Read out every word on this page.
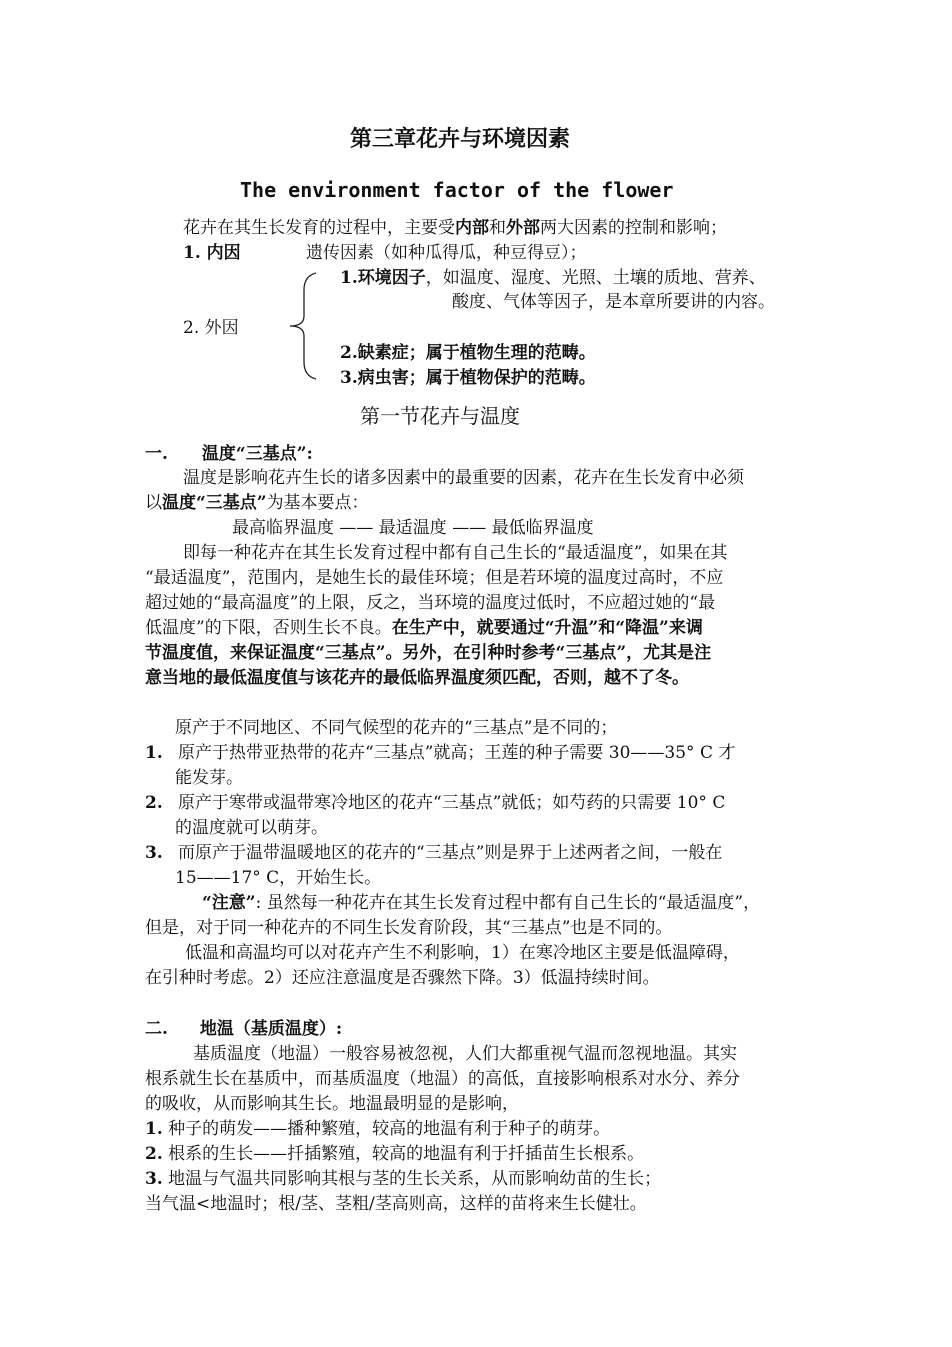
第三章花卉与环境因素
The environment factor of the flower
花卉在其生长发育的过程中，主要受内部和外部两大因素的控制和影响；
1. 内因	遗传因素（如种瓜得瓜，种豆得豆）；
1.环境因子，如温度、湿度、光照、土壤的质地、营养、
酸度、气体等因子，是本章所要讲的内容。
2. 外因
2.缺素症；属于植物生理的范畴。
3.病虫害；属于植物保护的范畴。
第一节花卉与温度
一. 温度“三基点”:
温度是影响花卉生长的诸多因素中的最重要的因素，花卉在生长发育中必须
以温度“三基点”为基本要点：
最高临界温度 —— 最适温度 —— 最低临界温度
即每一种花卉在其生长发育过程中都有自己生长的“最适温度”，如果在其
“最适温度”，范围内，是她生长的最佳环境；但是若环境的温度过高时，不应
超过她的“最高温度”的上限，反之，当环境的温度过低时，不应超过她的“最
低温度”的下限，否则生长不良。在生产中，就要通过“升温”和“降温”来调
节温度值，来保证温度“三基点”。另外，在引种时参考“三基点”，尤其是注
意当地的最低温度值与该花卉的最低临界温度须匹配，否则，越不了冬。
原产于不同地区、不同气候型的花卉的“三基点”是不同的；
1. 原产于热带亚热带的花卉“三基点”就高；王莲的种子需要 30——35° C 才
能发芽。
2. 原产于寒带或温带寒冷地区的花卉“三基点”就低；如芍药的只需要 10° C
的温度就可以萌芽。
3. 而原产于温带温暖地区的花卉的“三基点”则是界于上述两者之间，一般在
15——17° C，开始生长。
“注意”: 虽然每一种花卉在其生长发育过程中都有自己生长的“最适温度”，
但是，对于同一种花卉的不同生长发育阶段，其“三基点”也是不同的。
低温和高温均可以对花卉产生不利影响，1）在寒冷地区主要是低温障碍，
在引种时考虑。2）还应注意温度是否骤然下降。3）低温持续时间。
二. 地温（基质温度）:
基质温度（地温）一般容易被忽视，人们大都重视气温而忽视地温。其实
根系就生长在基质中，而基质温度（地温）的高低，直接影响根系对水分、养分
的吸收，从而影响其生长。地温最明显的是影响，
1. 种子的萌发——播种繁殖，较高的地温有利于种子的萌芽。
2. 根系的生长——扦插繁殖，较高的地温有利于扦插苗生长根系。
3. 地温与气温共同影响其根与茎的生长关系，从而影响幼苗的生长；
当气温<地温时；根/茎、茎粗/茎高则高，这样的苗将来生长健壮。
